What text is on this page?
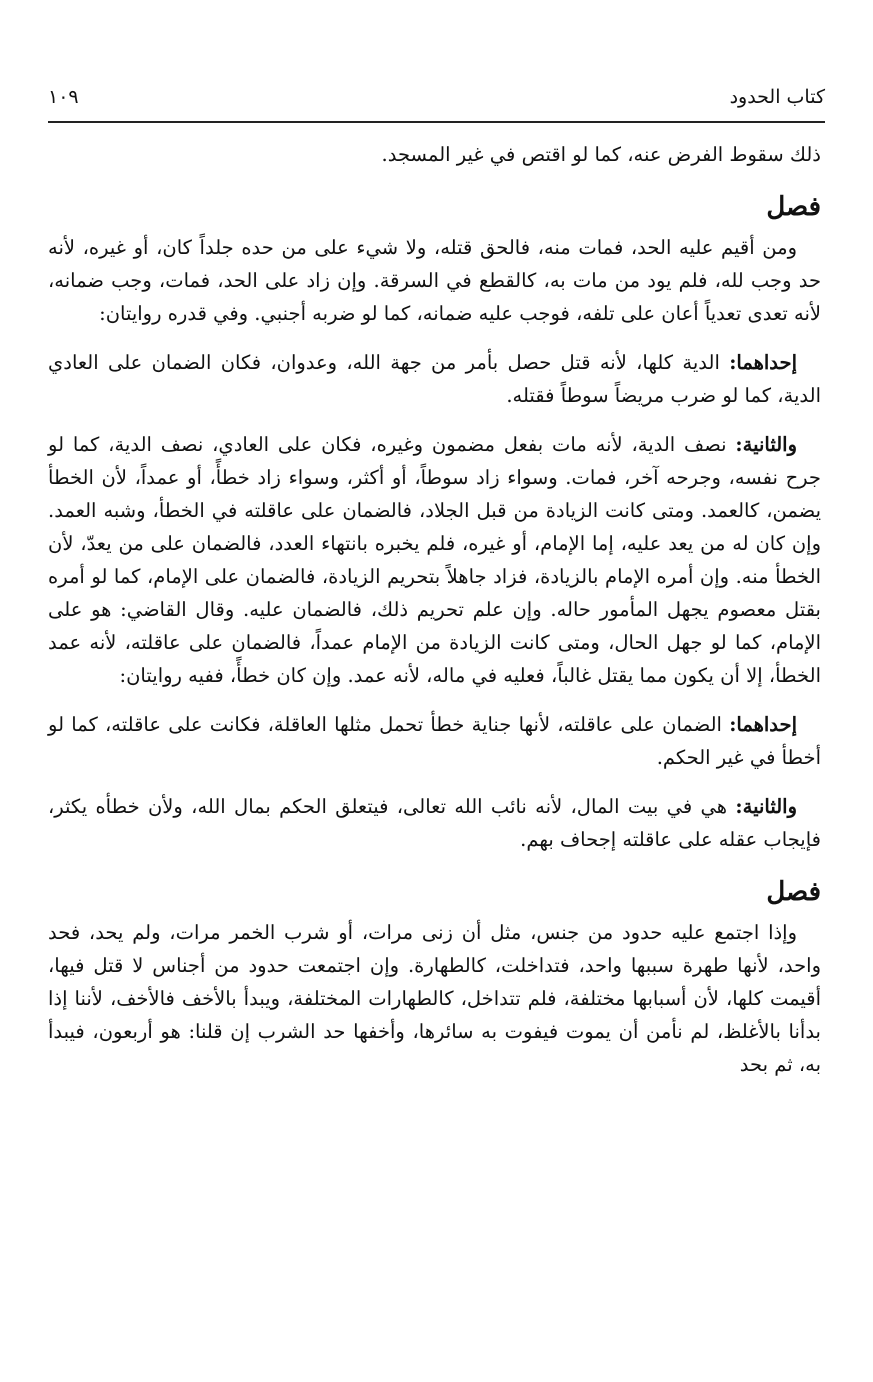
كتاب الحدود
١٠٩

ذلك سقوط الفرض عنه، كما لو اقتص في غير المسجد.

فصل

ومن أقيم عليه الحد، فمات منه، فالحق قتله، ولا شيء على من حده جلداً كان، أو غيره، لأنه حد وجب لله، فلم يود من مات به، كالقطع في السرقة. وإن زاد على الحد، فمات، وجب ضمانه، لأنه تعدى تعدياً أعان على تلفه، فوجب عليه ضمانه، كما لو ضربه أجنبي. وفي قدره روايتان:

إحداهما: الدية كلها، لأنه قتل حصل بأمر من جهة الله، وعدوان، فكان الضمان على العادي الدية، كما لو ضرب مريضاً سوطاً فقتله.

والثانية: نصف الدية، لأنه مات بفعل مضمون وغيره، فكان على العادي، نصف الدية، كما لو جرح نفسه، وجرحه آخر، فمات. وسواء زاد سوطاً، أو أكثر، وسواء زاد خطأً، أو عمداً، لأن الخطأ يضمن، كالعمد. ومتى كانت الزيادة من قبل الجلاد، فالضمان على عاقلته في الخطأ، وشبه العمد. وإن كان له من يعد عليه، إما الإمام، أو غيره، فلم يخبره بانتهاء العدد، فالضمان على من يعدّ، لأن الخطأ منه. وإن أمره الإمام بالزيادة، فزاد جاهلاً بتحريم الزيادة، فالضمان على الإمام، كما لو أمره بقتل معصوم يجهل المأمور حاله. وإن علم تحريم ذلك، فالضمان عليه. وقال القاضي: هو على الإمام، كما لو جهل الحال، ومتى كانت الزيادة من الإمام عمداً، فالضمان على عاقلته، لأنه عمد الخطأ، إلا أن يكون مما يقتل غالباً، فعليه في ماله، لأنه عمد. وإن كان خطأً، ففيه روايتان:

إحداهما: الضمان على عاقلته، لأنها جناية خطأ تحمل مثلها العاقلة، فكانت على عاقلته، كما لو أخطأ في غير الحكم.

والثانية: هي في بيت المال، لأنه نائب الله تعالى، فيتعلق الحكم بمال الله، ولأن خطأه يكثر، فإيجاب عقله على عاقلته إجحاف بهم.

فصل

وإذا اجتمع عليه حدود من جنس، مثل أن زنى مرات، أو شرب الخمر مرات، ولم يحد، فحد واحد، لأنها طهرة سببها واحد، فتداخلت، كالطهارة. وإن اجتمعت حدود من أجناس لا قتل فيها، أقيمت كلها، لأن أسبابها مختلفة، فلم تتداخل، كالطهارات المختلفة، ويبدأ بالأخف فالأخف، لأننا إذا بدأنا بالأغلظ، لم نأمن أن يموت فيفوت به سائرها، وأخفها حد الشرب إن قلنا: هو أربعون، فيبدأ به، ثم بحد
